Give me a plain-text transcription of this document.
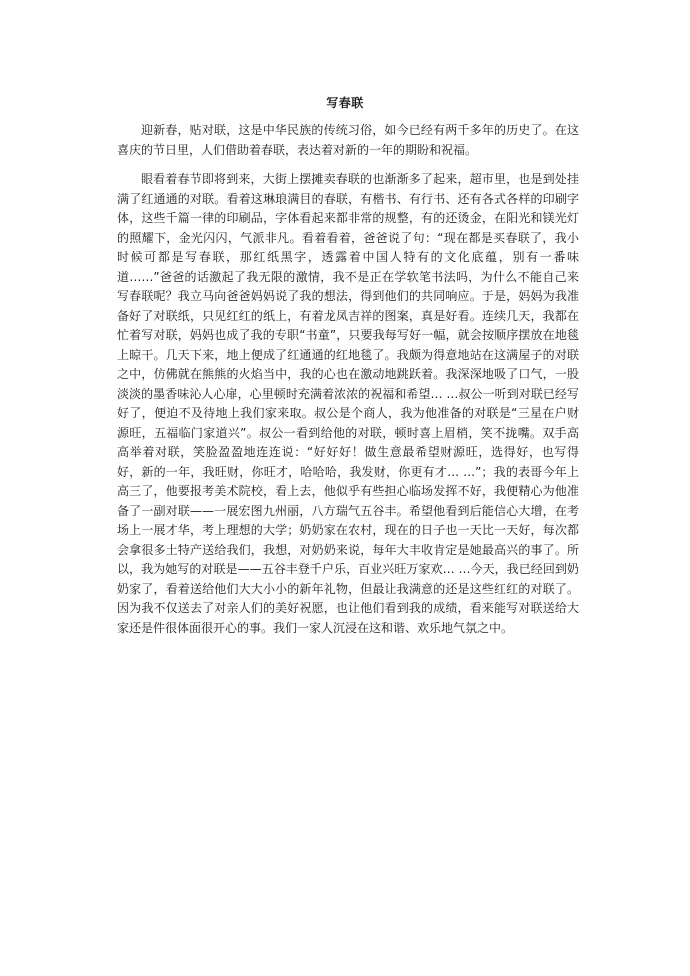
写春联

迎新春，贴对联，这是中华民族的传统习俗，如今已经有两千多年的历史了。在这喜庆的节日里，人们借助着春联，表达着对新的一年的期盼和祝福。

眼看着春节即将到来，大街上摆摊卖春联的也渐渐多了起来，超市里，也是到处挂满了红通通的对联。看着这琳琅满目的春联，有楷书、有行书、还有各式各样的印刷字体，这些千篇一律的印刷品，字体看起来都非常的规整，有的还烫金，在阳光和镁光灯的照耀下，金光闪闪，气派非凡。看着看着，爸爸说了句：“现在都是买春联了，我小时候可都是写春联，那红纸黑字，透露着中国人特有的文化底蕴，别有一番味道……”爸爸的话激起了我无限的激情，我不是正在学软笔书法吗，为什么不能自己来写春联呢？我立马向爸爸妈妈说了我的想法，得到他们的共同响应。于是，妈妈为我准备好了对联纸，只见红红的纸上，有着龙凤吉祥的图案，真是好看。连续几天，我都在忙着写对联，妈妈也成了我的专职“书童”，只要我每写好一幅，就会按顺序摆放在地毯上晾干。几天下来，地上便成了红通通的红地毯了。我颇为得意地站在这满屋子的对联之中，仿佛就在熊熊的火焰当中，我的心也在激动地跳跃着。我深深地吸了口气，一股淡淡的墨香味沁人心扉，心里顿时充满着浓浓的祝福和希望… …叔公一听到对联已经写好了，便迫不及待地上我们家来取。叔公是个商人，我为他准备的对联是“三星在户财源旺，五福临门家道兴”。叔公一看到给他的对联，顿时喜上眉梢，笑不拢嘴。双手高高举着对联，笑脸盈盈地连连说：“好好好！做生意最希望财源旺，选得好，也写得好，新的一年，我旺财，你旺才，哈哈哈，我发财，你更有才… …”；我的表哥今年上高三了，他要报考美术院校，看上去，他似乎有些担心临场发挥不好，我便精心为他准备了一副对联——一展宏图九州丽，八方瑞气五谷丰。希望他看到后能信心大增，在考场上一展才华，考上理想的大学；奶奶家在农村，现在的日子也一天比一天好，每次都会拿很多土特产送给我们，我想，对奶奶来说，每年大丰收肯定是她最高兴的事了。所以，我为她写的对联是——五谷丰登千户乐，百业兴旺万家欢… …今天，我已经回到奶奶家了，看着送给他们大大小小的新年礼物，但最让我满意的还是这些红红的对联了。因为我不仅送去了对亲人们的美好祝愿，也让他们看到我的成绩，看来能写对联送给大家还是件很体面很开心的事。我们一家人沉浸在这和谐、欢乐地气氛之中。
